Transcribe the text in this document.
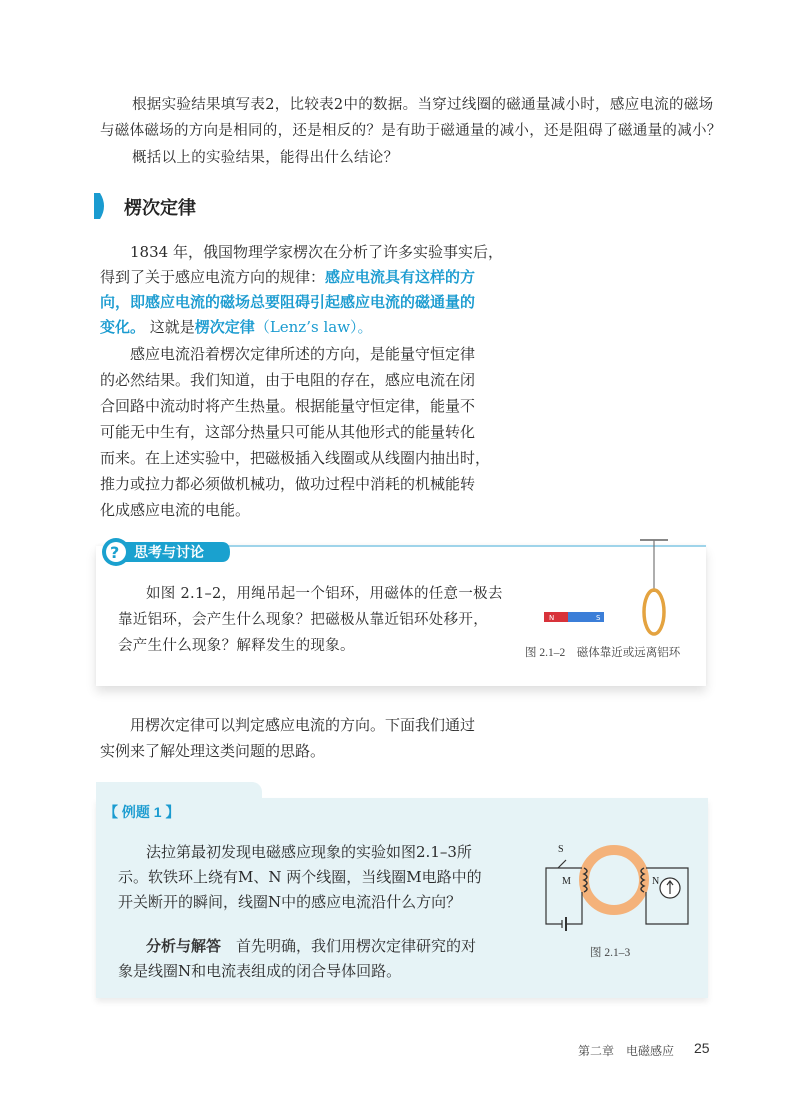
根据实验结果填写表2，比较表2中的数据。当穿过线圈的磁通量减小时，感应电流的磁场
与磁体磁场的方向是相同的，还是相反的？是有助于磁通量的减小，还是阻碍了磁通量的减小？
概括以上的实验结果，能得出什么结论？
楞次定律

1834 年，俄国物理学家楞次在分析了许多实验事实后，

得到了关于感应电流方向的规律：感应电流具有这样的方

向，即感应电流的磁场总要阻碍引起感应电流的磁通量的

变化。 这就是楞次定律（Lenz’s law）。

感应电流沿着楞次定律所述的方向，是能量守恒定律

的必然结果。我们知道，由于电阻的存在，感应电流在闭

合回路中流动时将产生热量。根据能量守恒定律，能量不

可能无中生有，这部分热量只可能从其他形式的能量转化

而来。在上述实验中，把磁极插入线圈或从线圈内抽出时，

推力或拉力都必须做机械功，做功过程中消耗的机械能转

化成感应电流的电能。

? 思考与讨论
如图 2.1–2，用绳吊起一个铝环，用磁体的任意一极去
靠近铝环，会产生什么现象？把磁极从靠近铝环处移开，
会产生什么现象？解释发生的现象。
N	S
图 2.1–2　磁体靠近或远离铝环

用楞次定律可以判定感应电流的方向。下面我们通过

实例来了解处理这类问题的思路。

【 例题 1 】
法拉第最初发现电磁感应现象的实验如图2.1–3所
示。软铁环上绕有M、N 两个线圈，当线圈M电路中的
开关断开的瞬间，线圈N中的感应电流沿什么方向？
分析与解答　 首先明确，我们用楞次定律研究的对
象是线圈N和电流表组成的闭合导体回路。
S
M	N
图 2.1–3
第二章　电磁感应 25
